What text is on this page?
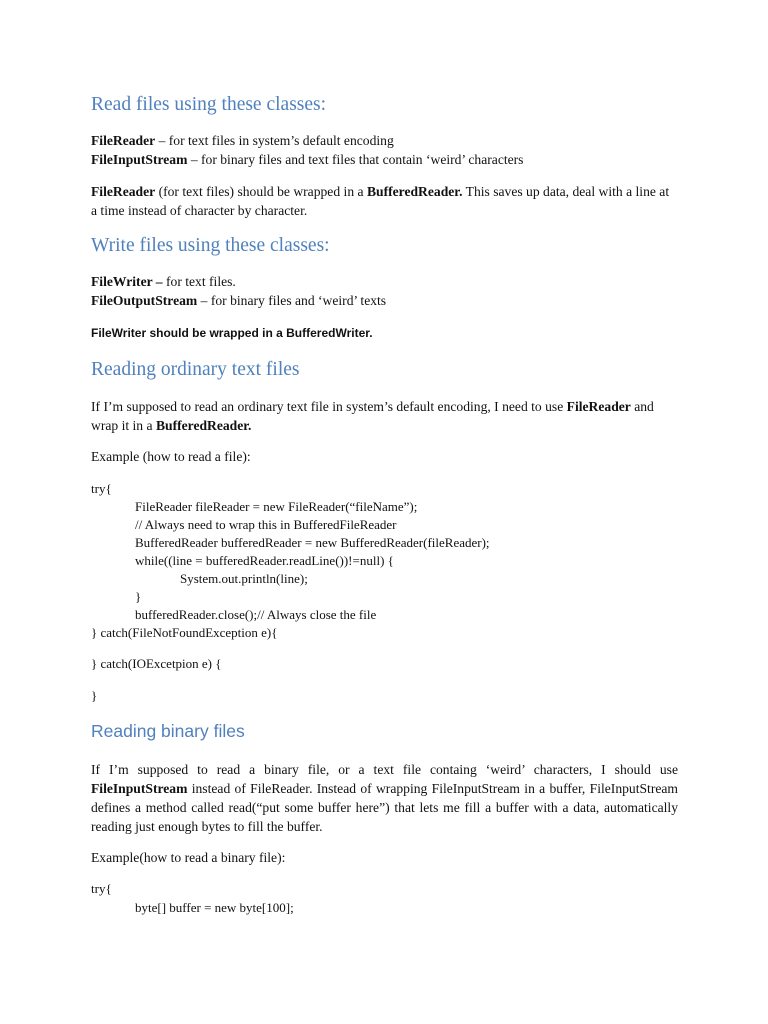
Read files using these classes:
FileReader – for text files in system’s default encoding
FileInputStream – for binary files and text files that contain ‘weird’ characters

FileReader (for text files) should be wrapped in a BufferedReader. This saves up data, deal with a line at a time instead of character by character.

Write files using these classes:
FileWriter – for text files.
FileOutputStream – for binary files and ‘weird’ texts
FileWriter should be wrapped in a BufferedWriter.
Reading ordinary text files

If I’m supposed to read an ordinary text file in system’s default encoding, I need to use FileReader and wrap it in a BufferedReader.

Example (how to read a file):
try{
FileReader fileReader = new FileReader(“fileName”);
// Always need to wrap this in BufferedFileReader
BufferedReader bufferedReader = new BufferedReader(fileReader);
while((line = bufferedReader.readLine())!=null) {
System.out.println(line);
}
bufferedReader.close();// Always close the file
} catch(FileNotFoundException e){
} catch(IOExcetpion e) {
}
Reading binary files

If I’m supposed to read a binary file, or a text file containg ‘weird’ characters, I should use FileInputStream instead of FileReader. Instead of wrapping FileInputStream in a buffer, FileInputStream defines a method called read(“put some buffer here”) that lets me fill a buffer with a data, automatically reading just enough bytes to fill the buffer.

Example(how to read a binary file):
try{
byte[] buffer = new byte[100];
